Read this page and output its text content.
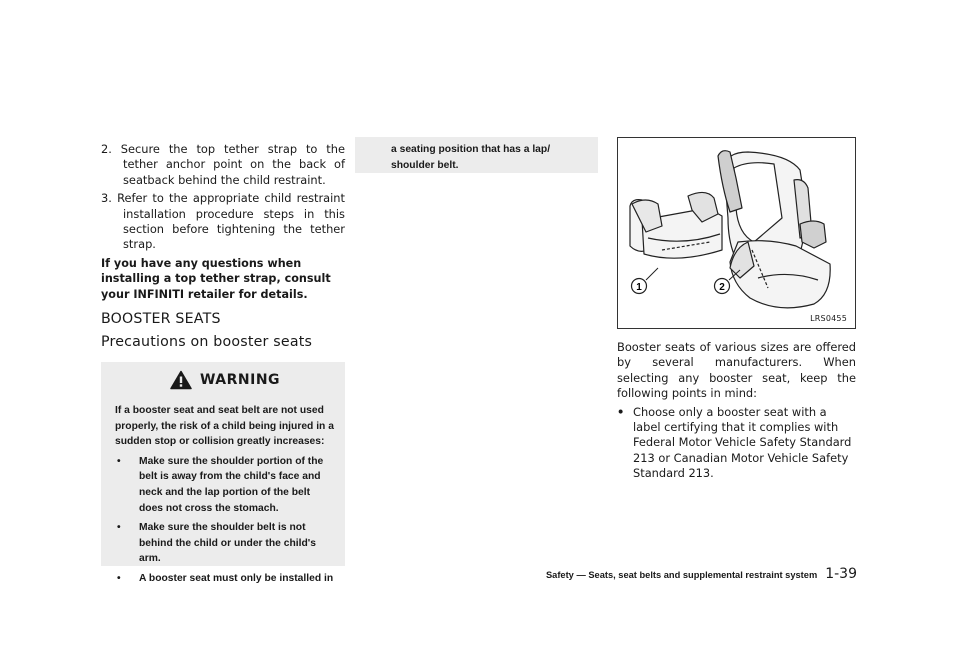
2. Secure the top tether strap to the tether anchor point on the back of seatback behind the child restraint.

3. Refer to the appropriate child restraint installation procedure steps in this section before tightening the tether strap.

If you have any questions when installing a top tether strap, consult your INFINITI retailer for details.

BOOSTER SEATS

Precautions on booster seats

WARNING

If a booster seat and seat belt are not used properly, the risk of a child being injured in a sudden stop or collision greatly increases:

•	Make sure the shoulder portion of the belt is away from the child's face and neck and the lap portion of the belt does not cross the stomach.
•	Make sure the shoulder belt is not behind the child or under the child's arm.
•	A booster seat must only be installed in

a seating position that has a lap/ shoulder belt.

1	2
LRS0455

Booster seats of various sizes are offered by several manufacturers. When selecting any booster seat, keep the following points in mind:

• Choose only a booster seat with a label certifying that it complies with Federal Motor Vehicle Safety Standard 213 or Canadian Motor Vehicle Safety Standard 213.
Safety — Seats, seat belts and supplemental restraint system 1-39
